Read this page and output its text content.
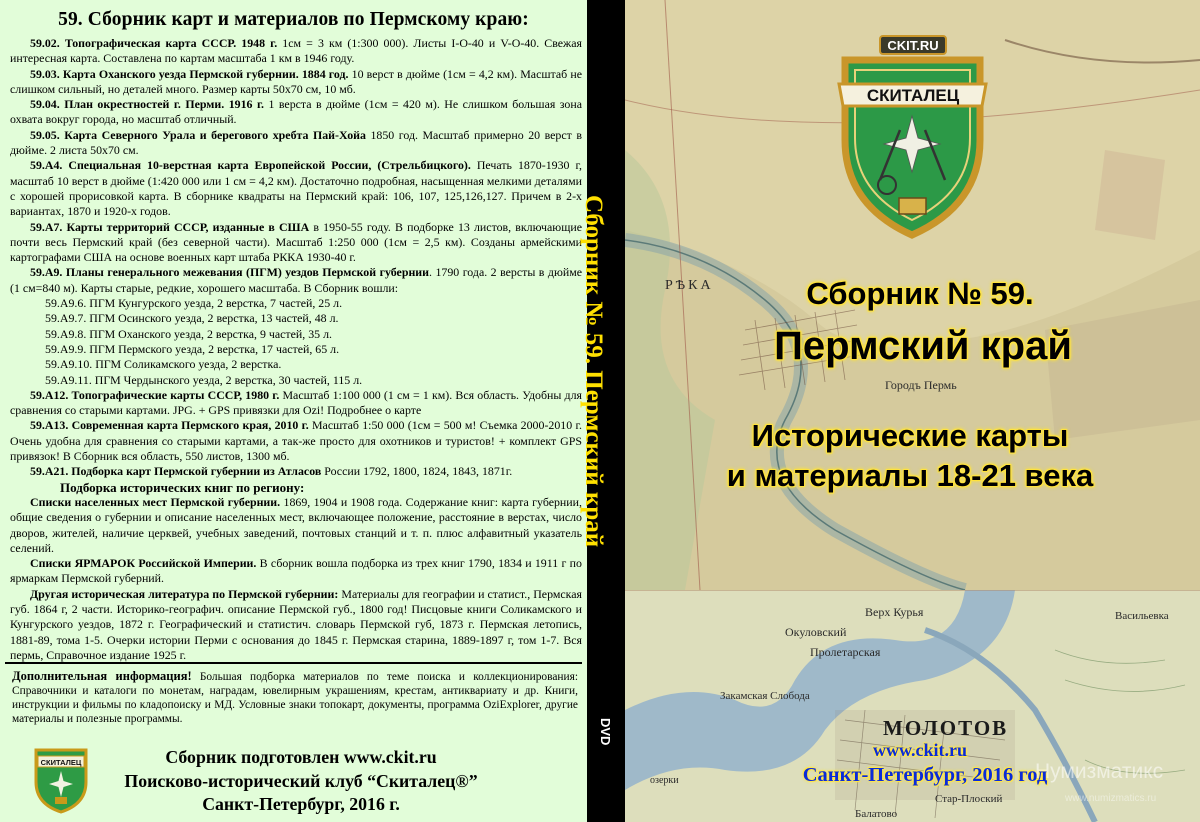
59. Сборник карт и материалов по Пермскому краю:

59.02. Топографическая карта СССР. 1948 г. 1см = 3 км (1:300 000). Листы I-O-40 и V-O-40. Свежая интересная карта. Составлена по картам масштаба 1 км в 1946 году.

59.03. Карта Оханского уезда Пермской губернии. 1884 год. 10 верст в дюйме (1см = 4,2 км). Масштаб не слишком сильный, но деталей много. Размер карты 50х70 см, 10 мб.

59.04. План окрестностей г. Перми. 1916 г. 1 верста в дюйме (1см = 420 м). Не слишком большая зона охвата вокруг города, но масштаб отличный.

59.05. Карта Северного Урала и берегового хребта Пай-Хойа 1850 год. Масштаб примерно 20 верст в дюйме. 2 листа 50х70 см.

59.А4. Специальная 10-верстная карта Европейской России, (Стрельбицкого). Печать 1870-1930 г, масштаб 10 верст в дюйме (1:420 000 или 1 см = 4,2 км). Достаточно подробная, насыщенная мелкими деталями с хорошей прорисовкой карта. В сборнике квадраты на Пермский край: 106, 107, 125,126,127. Причем в 2-х вариантах, 1870 и 1920-х годов.

59.А7. Карты территорий СССР, изданные в США в 1950-55 году. В подборке 13 листов, включающие почти весь Пермский край (без северной части). Масштаб 1:250 000 (1см = 2,5 км). Созданы армейскими картографами США на основе военных карт штаба РККА 1930-40 г.

59.А9. Планы генерального межевания (ПГМ) уездов Пермской губернии. 1790 года. 2 версты в дюйме (1 см=840 м). Карты старые, редкие, хорошего масштаба. В Сборник вошли:

59.А9.6. ПГМ Кунгурского уезда, 2 верстка, 7 частей, 25 л.

59.А9.7. ПГМ Осинского уезда, 2 верстка, 13 частей, 48 л.

59.А9.8. ПГМ Оханского уезда, 2 верстка, 9 частей, 35 л.

59.А9.9. ПГМ Пермского уезда, 2 верстка, 17 частей, 65 л.

59.А9.10. ПГМ Соликамского уезда, 2 верстка.

59.А9.11. ПГМ Чердынского уезда, 2 верстка, 30 частей, 115 л.

59.А12. Топографические карты СССР, 1980 г. Масштаб 1:100 000 (1 см = 1 км). Вся область. Удобны для сравнения со старыми картами. JPG. + GPS привязки для Ozi! Подробнее о карте

59.А13. Современная карта Пермского края, 2010 г. Масштаб 1:50 000 (1см = 500 м! Съемка 2000-2010 г. Очень удобна для сравнения со старыми картами, а так-же просто для охотников и туристов! + комплект GPS привязок! В Сборник вся область, 550 листов, 1300 мб.

59.А21. Подборка карт Пермской губернии из Атласов России 1792, 1800, 1824, 1843, 1871г.

Подборка исторических книг по региону:

Списки населенных мест Пермской губернии. 1869, 1904 и 1908 года. Содержание книг: карта губернии, общие сведения о губернии и описание населенных мест, включающее положение, расстояние в верстах, число дворов, жителей, наличие церквей, учебных заведений, почтовых станций и т. п. плюс алфавитный указатель селений.

Списки ЯРМАРОК Российской Империи. В сборник вошла подборка из трех книг 1790, 1834 и 1911 г по ярмаркам Пермской губерний.

Другая историческая литература по Пермской губернии: Материалы для географии и статист., Пермская губ. 1864 г, 2 части. Историко-географич. описание Пермской губ., 1800 год! Писцовые книги Соликамского и Кунгурского уездов, 1872 г. Географический и статистич. словарь Пермской губ, 1873 г. Пермская летопись, 1881-89, тома 1-5. Очерки истории Перми с основания до 1845 г. Пермская старина, 1889-1897 г, том 1-7. Вся пермь, Справочное издание 1925 г.

Дополнительная информация! Большая подборка материалов по теме поиска и коллекционирования: Справочники и каталоги по монетам, наградам, ювелирным украшениям, крестам, антиквариату и др. Книги, инструкции и фильмы по кладопоиску и МД. Условные знаки топокарт, документы, программа OziExplorer, другие материалы и полезные программы.
СКИТАЛЕЦ	Сборник подготовлен www.ckit.ru
Поисково-исторический клуб “Скиталец®”
Санкт-Петербург, 2016 г.
Сборник № 59. Пермский край
DVD
CKIT.RU
СКИТАЛЕЦ
РѢКА
Городъ Пермь
Верх Курья
Окуловский
Пролетарская
Закамская Слобода
Васильевка
Стар-Плоский
Балатово
озерки
МОЛОТОВ
Сборник № 59.
Пермский край
Исторические карты
и материалы 18-21 века
www.ckit.ru
Санкт-Петербург, 2016 год
Нумизматикс
www.numizmatics.ru
